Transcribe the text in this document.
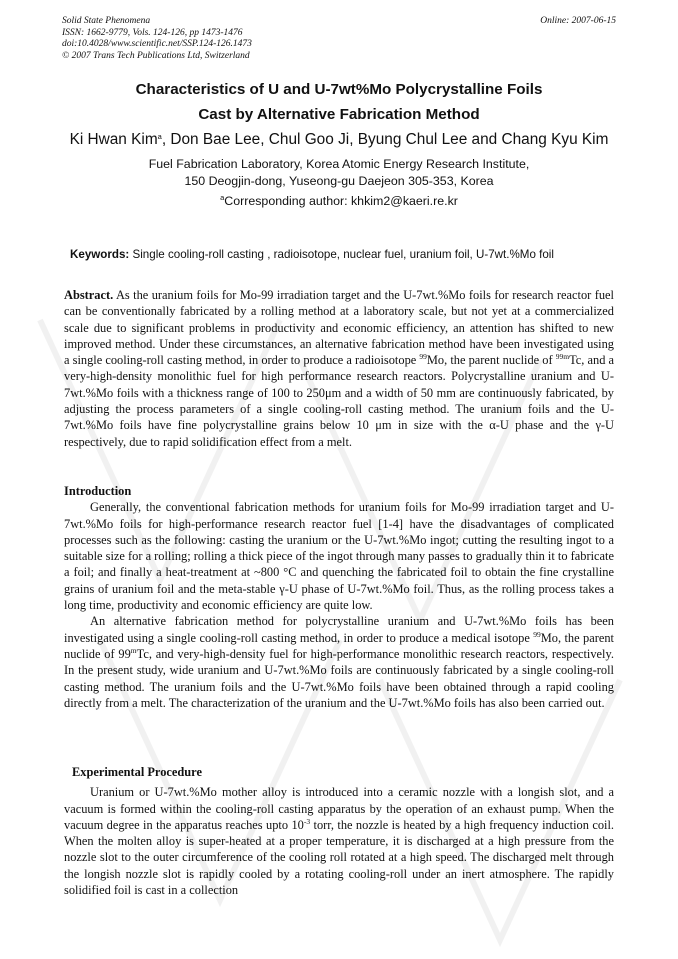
Solid State Phenomena
ISSN: 1662-9779, Vols. 124-126, pp 1473-1476
doi:10.4028/www.scientific.net/SSP.124-126.1473
© 2007 Trans Tech Publications Ltd, Switzerland
Online: 2007-06-15
Characteristics of U and U-7wt%Mo Polycrystalline Foils
Cast by Alternative Fabrication Method
Ki Hwan Kim$^a$, Don Bae Lee, Chul Goo Ji, Byung Chul Lee and Chang Kyu Kim
Fuel Fabrication Laboratory, Korea Atomic Energy Research Institute,
150 Deogjin-dong, Yuseong-gu Daejeon 305-353, Korea
$^a$Corresponding author: khkim2@kaeri.re.kr
Keywords: Single cooling-roll casting , radioisotope, nuclear fuel, uranium foil, U-7wt.%Mo foil

Abstract. As the uranium foils for Mo-99 irradiation target and the U-7wt.%Mo foils for research reactor fuel can be conventionally fabricated by a rolling method at a laboratory scale, but not yet at a commercialized scale due to significant problems in productivity and economic efficiency, an attention has shifted to new improved method. Under these circumstances, an alternative fabrication method have been investigated using a single cooling-roll casting method, in order to produce a radioisotope $^{99}$Mo, the parent nuclide of $^{99m}$Tc, and a very-high-density monolithic fuel for high performance research reactors. Polycrystalline uranium and U-7wt.%Mo foils with a thickness range of 100 to 250μm and a width of 50 mm are continuously fabricated, by adjusting the process parameters of a single cooling-roll casting method. The uranium foils and the U-7wt.%Mo foils have fine polycrystalline grains below 10 μm in size with the α-U phase and the γ-U respectively, due to rapid solidification effect from a melt.

Introduction

Generally, the conventional fabrication methods for uranium foils for Mo-99 irradiation target and U-7wt.%Mo foils for high-performance research reactor fuel [1-4] have the disadvantages of complicated processes such as the following: casting the uranium or the U-7wt.%Mo ingot; cutting the resulting ingot to a suitable size for a rolling; rolling a thick piece of the ingot through many passes to gradually thin it to fabricate a foil; and finally a heat-treatment at ~800 °C and quenching the fabricated foil to obtain the fine crystalline grains of uranium foil and the meta-stable γ-U phase of U-7wt.%Mo foil. Thus, as the rolling process takes a long time, productivity and economic efficiency are quite low.

An alternative fabrication method for polycrystalline uranium and U-7wt.%Mo foils has been investigated using a single cooling-roll casting method, in order to produce a medical isotope $^{99}$Mo, the parent nuclide of 99$^m$Tc, and very-high-density fuel for high-performance monolithic research reactors, respectively. In the present study, wide uranium and U-7wt.%Mo foils are continuously fabricated by a single cooling-roll casting method. The uranium foils and the U-7wt.%Mo foils have been obtained through a rapid cooling directly from a melt. The characterization of the uranium and the U-7wt.%Mo foils has also been carried out.

Experimental Procedure

Uranium or U-7wt.%Mo mother alloy is introduced into a ceramic nozzle with a longish slot, and a vacuum is formed within the cooling-roll casting apparatus by the operation of an exhaust pump. When the vacuum degree in the apparatus reaches upto $10^{-3}$ torr, the nozzle is heated by a high frequency induction coil. When the molten alloy is super-heated at a proper temperature, it is discharged at a high pressure from the nozzle slot to the outer circumference of the cooling roll rotated at a high speed. The discharged melt through the longish nozzle slot is rapidly cooled by a rotating cooling-roll under an inert atmosphere. The rapidly solidified foil is cast in a collection
